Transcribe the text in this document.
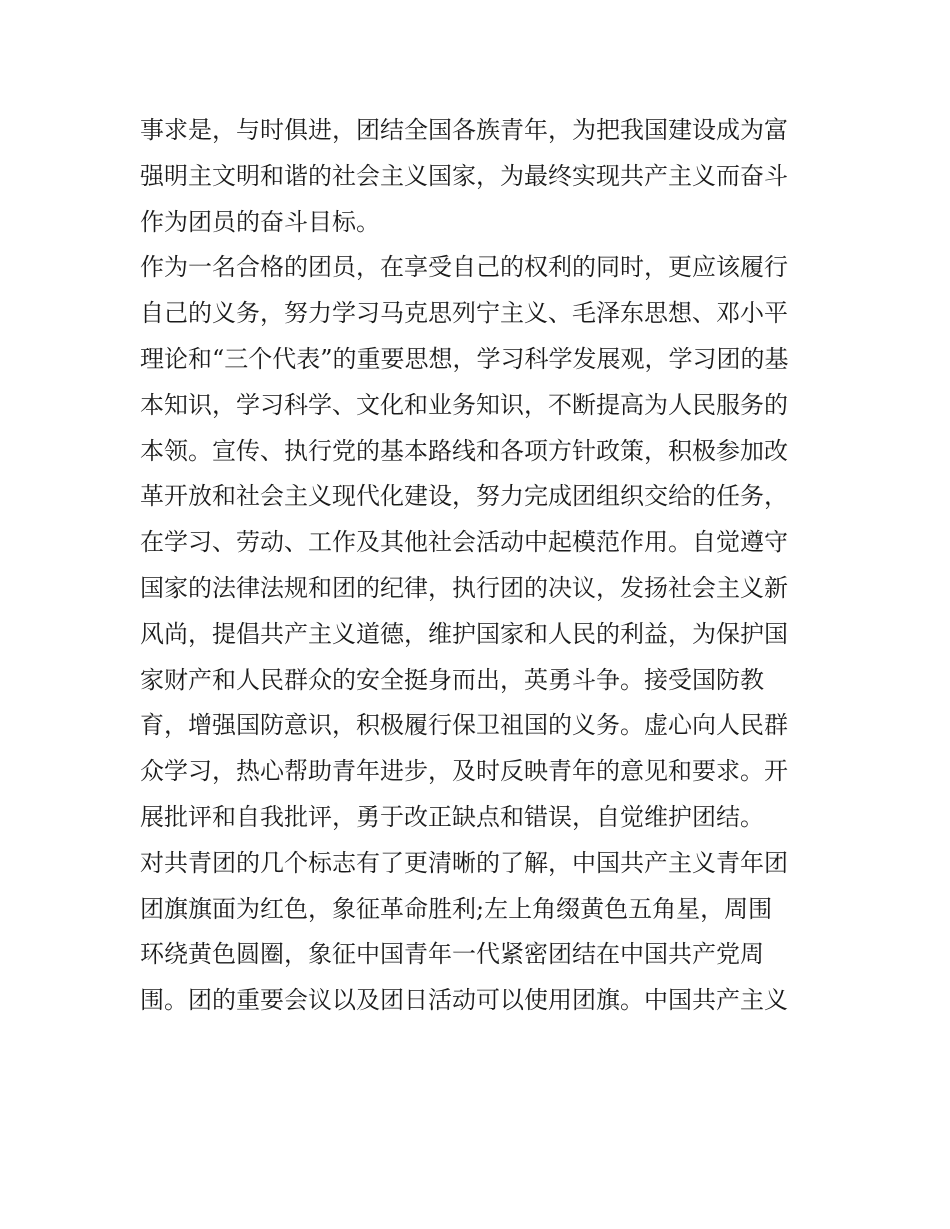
事求是，与时俱进，团结全国各族青年，为把我国建设成为富
强明主文明和谐的社会主义国家，为最终实现共产主义而奋斗
作为团员的奋斗目标。
作为一名合格的团员，在享受自己的权利的同时，更应该履行
自己的义务，努力学习马克思列宁主义、毛泽东思想、邓小平
理论和“三个代表”的重要思想，学习科学发展观，学习团的基
本知识，学习科学、文化和业务知识，不断提高为人民服务的
本领。宣传、执行党的基本路线和各项方针政策，积极参加改
革开放和社会主义现代化建设，努力完成团组织交给的任务，
在学习、劳动、工作及其他社会活动中起模范作用。自觉遵守
国家的法律法规和团的纪律，执行团的决议，发扬社会主义新
风尚，提倡共产主义道德，维护国家和人民的利益，为保护国
家财产和人民群众的安全挺身而出，英勇斗争。接受国防教
育，增强国防意识，积极履行保卫祖国的义务。虚心向人民群
众学习，热心帮助青年进步，及时反映青年的意见和要求。开
展批评和自我批评，勇于改正缺点和错误，自觉维护团结。
对共青团的几个标志有了更清晰的了解，中国共产主义青年团
团旗旗面为红色，象征革命胜利;左上角缀黄色五角星，周围
环绕黄色圆圈，象征中国青年一代紧密团结在中国共产党周
围。团的重要会议以及团日活动可以使用团旗。中国共产主义
